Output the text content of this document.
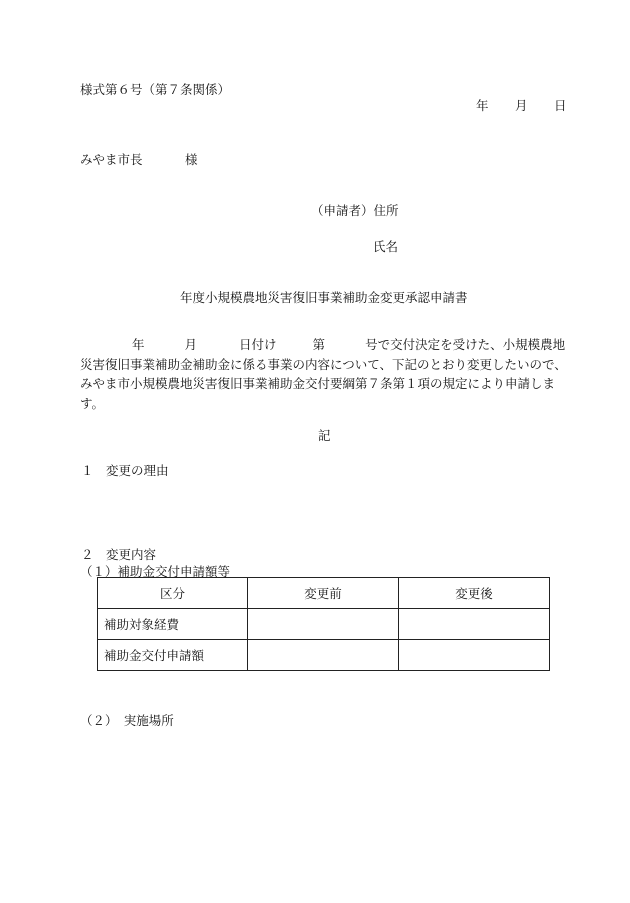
様式第６号（第７条関係）
年 月 日
みやま市長	様
（申請者）住所
氏名
年度小規模農地災害復旧事業補助金変更承認申請書
年	月	日付け	第	号で交付決定を受けた、小規模農地災害復旧事業補助金補助金に係る事業の内容について、下記のとおり変更したいので、みやま市小規模農地災害復旧事業補助金交付要綱第７条第１項の規定により申請します。
記
１　変更の理由
２　変更内容
（１）補助金交付申請額等
区分	変更前	変更後
補助対象経費		
補助金交付申請額		
（２）　実施場所
